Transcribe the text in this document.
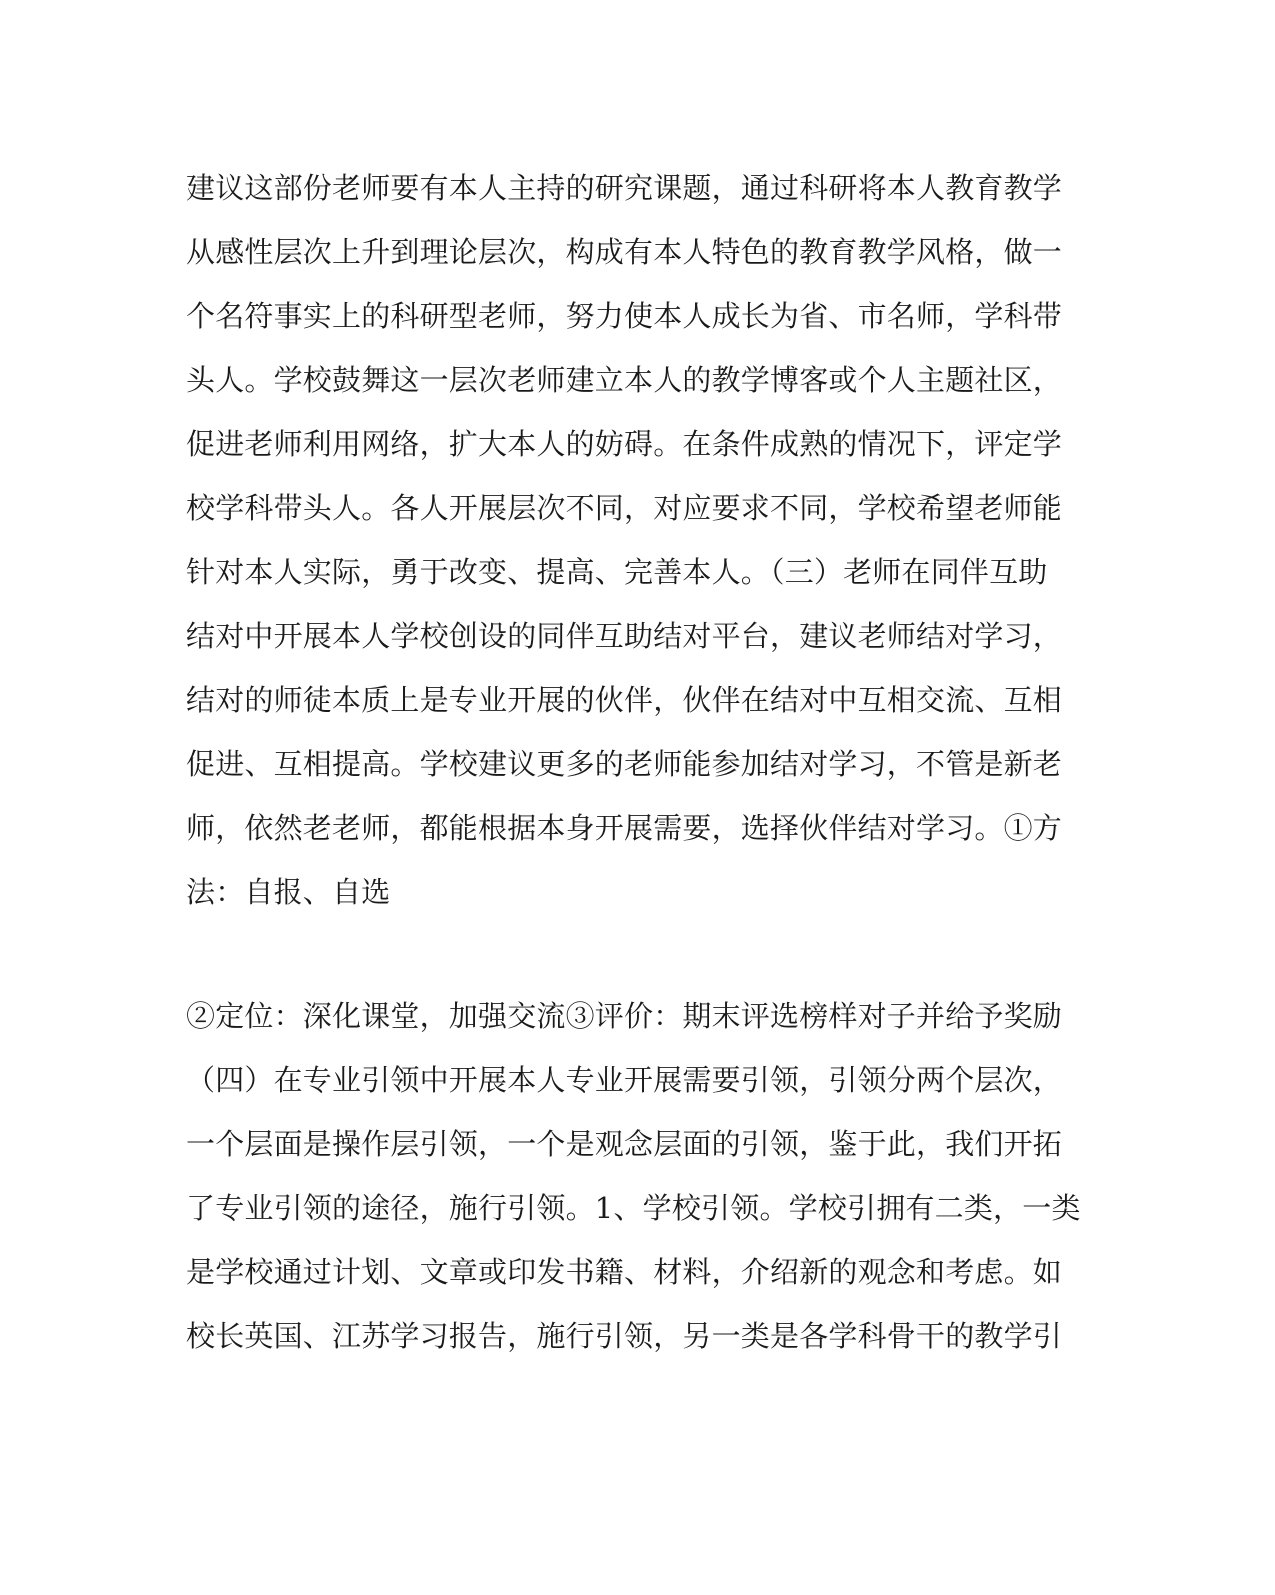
建议这部份老师要有本人主持的研究课题，通过科研将本人教育教学
从感性层次上升到理论层次，构成有本人特色的教育教学风格，做一
个名符事实上的科研型老师，努力使本人成长为省、市名师，学科带
头人。学校鼓舞这一层次老师建立本人的教学博客或个人主题社区，
促进老师利用网络，扩大本人的妨碍。在条件成熟的情况下，评定学
校学科带头人。各人开展层次不同，对应要求不同，学校希望老师能
针对本人实际，勇于改变、提高、完善本人。（三）老师在同伴互助
结对中开展本人学校创设的同伴互助结对平台，建议老师结对学习，
结对的师徒本质上是专业开展的伙伴，伙伴在结对中互相交流、互相
促进、互相提高。学校建议更多的老师能参加结对学习，不管是新老
师，依然老老师，都能根据本身开展需要，选择伙伴结对学习。①方
法：自报、自选
②定位：深化课堂，加强交流③评价：期末评选榜样对子并给予奖励
（四）在专业引领中开展本人专业开展需要引领，引领分两个层次，
一个层面是操作层引领，一个是观念层面的引领，鉴于此，我们开拓
了专业引领的途径，施行引领。1、学校引领。学校引拥有二类，一类
是学校通过计划、文章或印发书籍、材料，介绍新的观念和考虑。如
校长英国、江苏学习报告，施行引领，另一类是各学科骨干的教学引
